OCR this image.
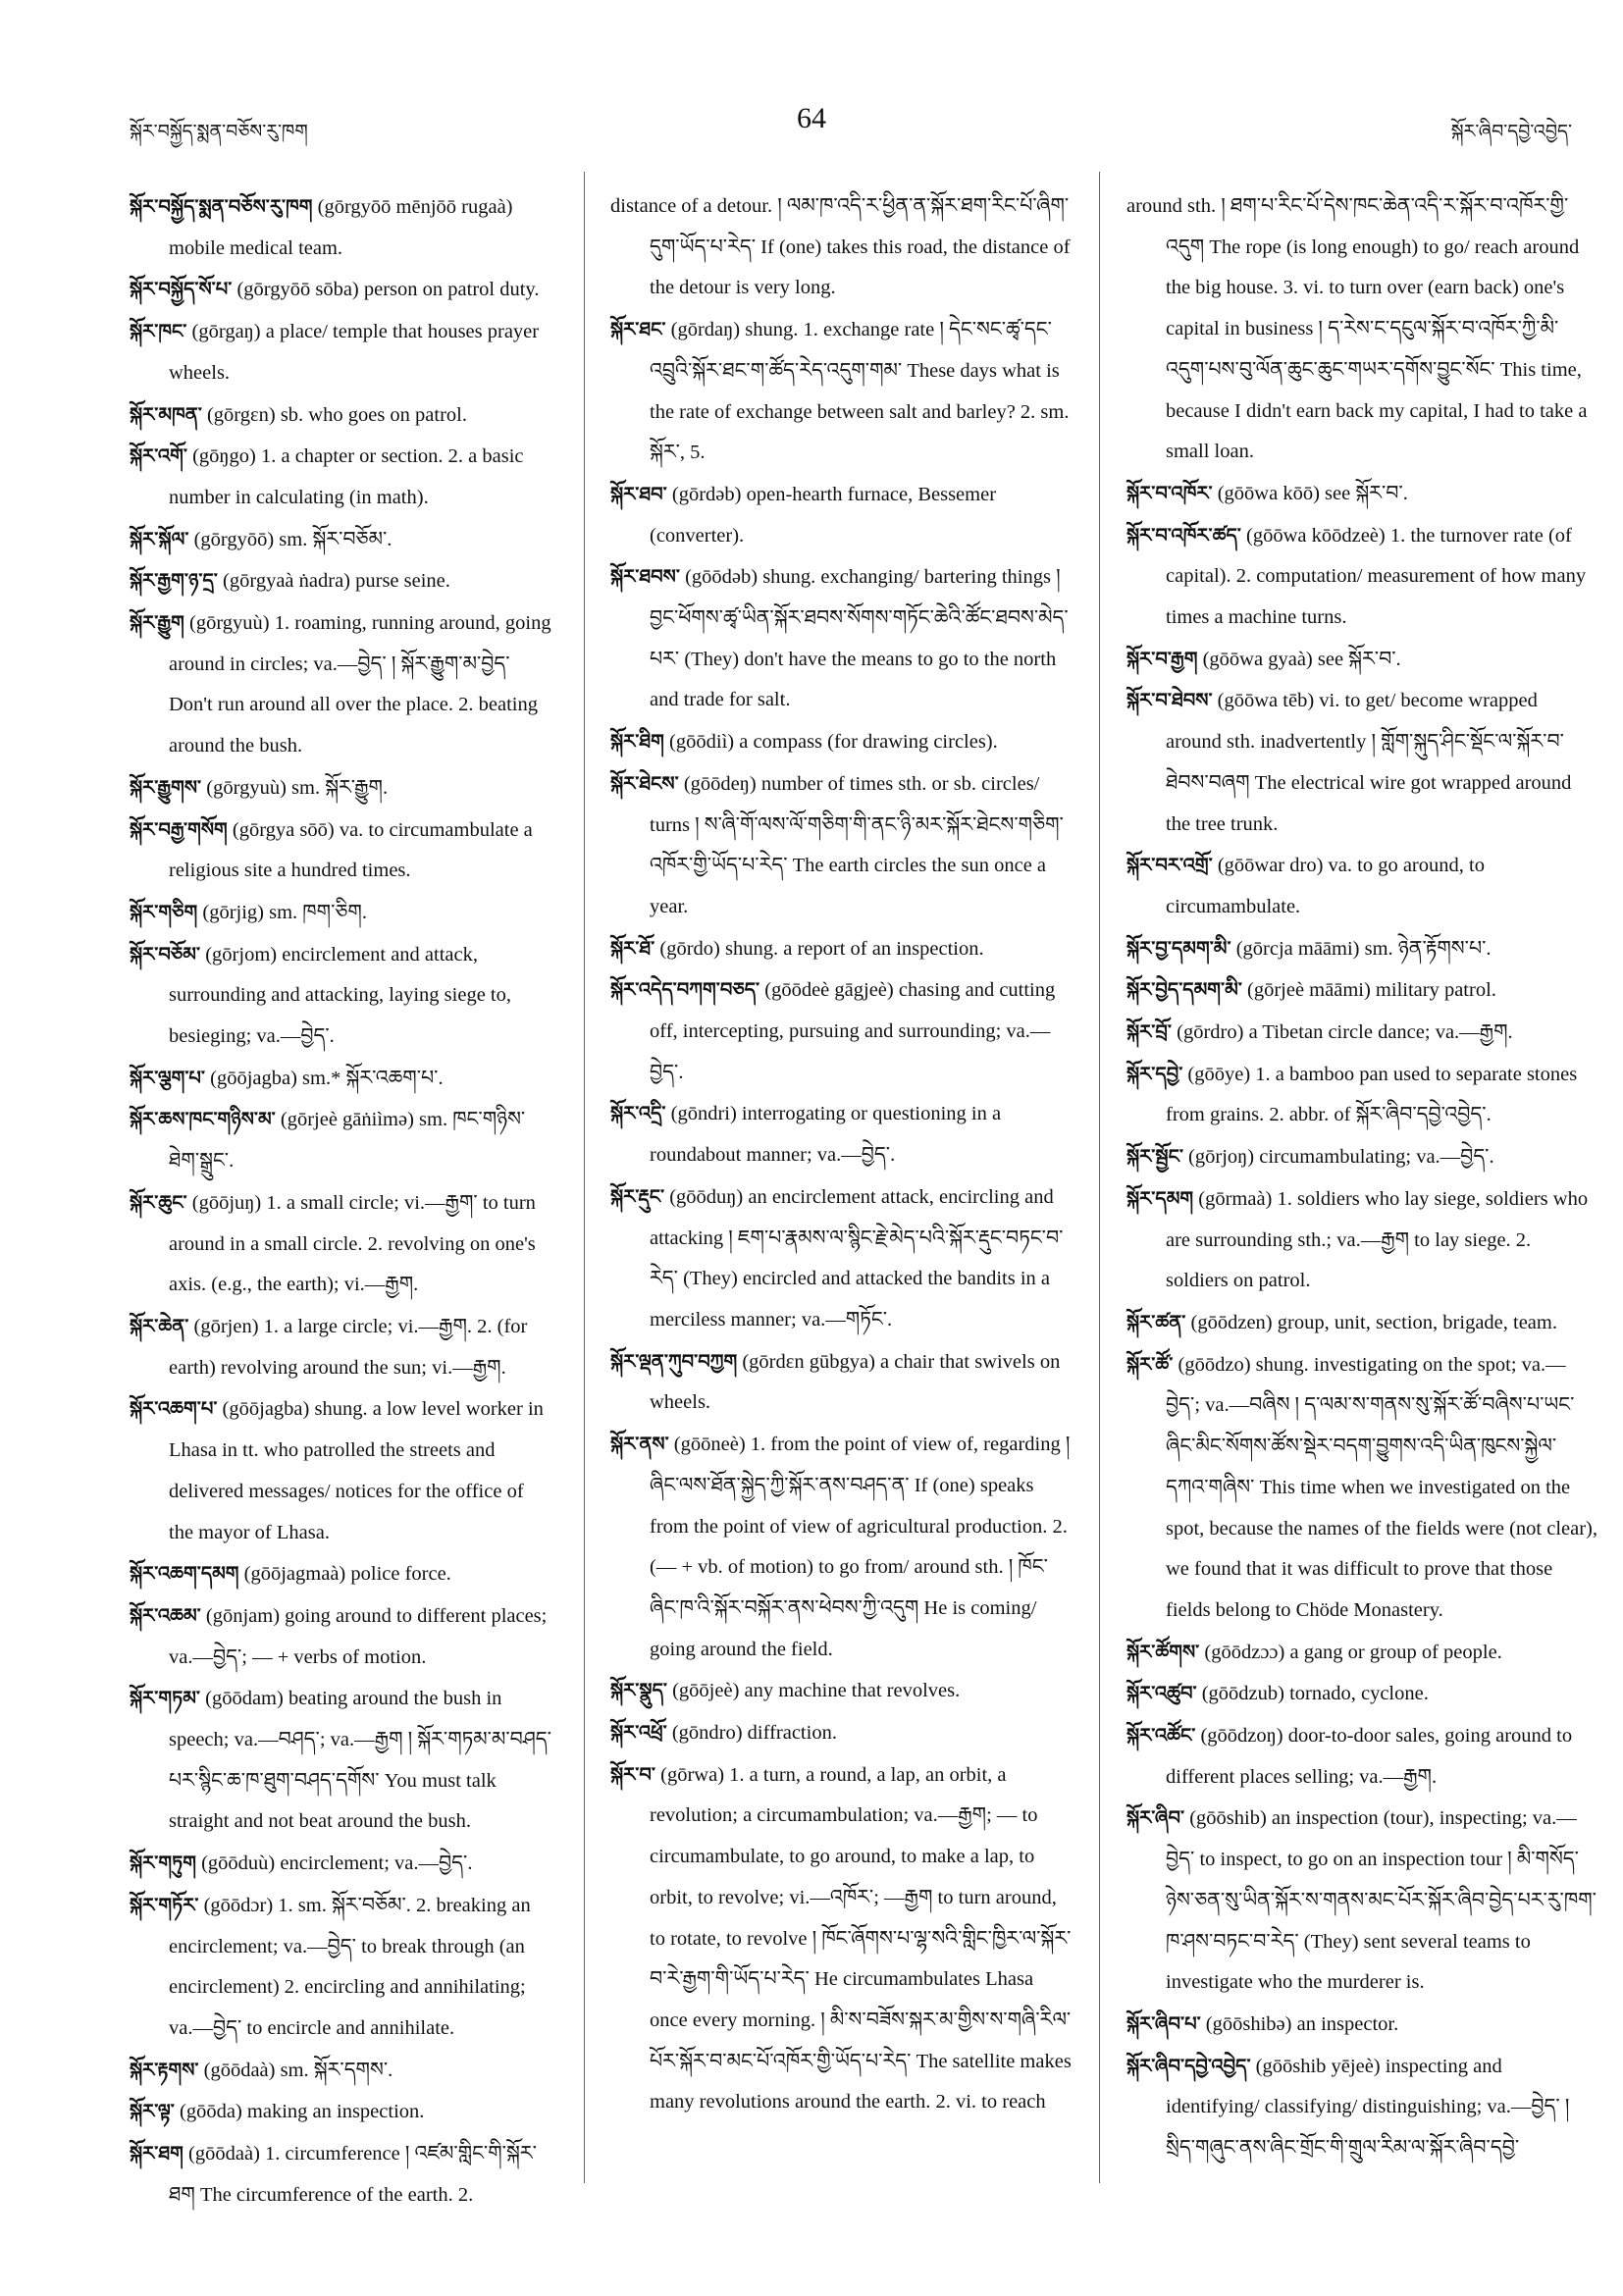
སྐོར་བསྐྱོད་སྨན་བཅོས་རུ་ཁག	64	སྐོར་ཞིབ་དབྱེ་འབྱེད་

སྐོར་བསྐྱོད་སྨན་བཅོས་རུ་ཁག (gōrgyōō mēnjōō rugaà) mobile medical team.

སྐོར་བསྐྱོད་སོ་པ་ (gōrgyōō sōba) person on patrol duty.

སྐོར་ཁང་ (gōrgaŋ) a place/ temple that houses prayer wheels.

སྐོར་མཁན་ (gōrgɛn) sb. who goes on patrol.

སྐོར་འགོ་ (gōŋgo) 1. a chapter or section. 2. a basic number in calculating (in math).

སྐོར་སྐོལ་ (gōrgyōō) sm. སྐོར་བཅོམ་.

སྐོར་རྒྱག་ཉ་དྲ་ (gōrgyaà ṅadra) purse seine.

སྐོར་རྒྱུག (gōrgyuù) 1. roaming, running around, going around in circles; va.—བྱེད་ ། སྐོར་རྒྱུག་མ་བྱེད་ Don't run around all over the place. 2. beating around the bush.

སྐོར་རྒྱུགས་ (gōrgyuù) sm. སྐོར་རྒྱུག.

སྐོར་བརྒྱ་གསོག (gōrgya sōō) va. to circumambulate a religious site a hundred times.

སྐོར་གཅིག (gōrjig) sm. ཁག་ཅིག.

སྐོར་བཅོམ་ (gōrjom) encirclement and attack, surrounding and attacking, laying siege to, besieging; va.—བྱེད་.

སྐོར་ལྕག་པ་ (gōōjagba) sm.* སྐོར་འཆག་པ་.

སྐོར་ཆས་ཁང་གཉིས་མ་ (gōrjeè gāṅiìmə) sm. ཁང་གཉིས་ཐེག་སྒྲུང་.

སྐོར་ཆུང་ (gōōjuŋ) 1. a small circle; vi.—རྒྱག་ to turn around in a small circle. 2. revolving on one's axis. (e.g., the earth); vi.—རྒྱག.

སྐོར་ཆེན་ (gōrjen) 1. a large circle; vi.—རྒྱག. 2. (for earth) revolving around the sun; vi.—རྒྱག.

སྐོར་འཆག་པ་ (gōōjagba) shung. a low level worker in Lhasa in tt. who patrolled the streets and delivered messages/ notices for the office of the mayor of Lhasa.

སྐོར་འཆག་དམག (gōōjagmaà) police force.

སྐོར་འཆམ་ (gōnjam) going around to different places; va.—བྱེད་; — + verbs of motion.

སྐོར་གཏམ་ (gōōdam) beating around the bush in speech; va.—བཤད་; va.—རྒྱག ། སྐོར་གཏམ་མ་བཤད་པར་སྙིང་ཆ་ཁ་ཐུག་བཤད་དགོས་ You must talk straight and not beat around the bush.

སྐོར་གཏུག (gōōduù) encirclement; va.—བྱེད་.

སྐོར་གཏོར་ (gōōdɔr) 1. sm. སྐོར་བཅོམ་. 2. breaking an encirclement; va.—བྱེད་ to break through (an encirclement) 2. encircling and annihilating; va.—བྱེད་ to encircle and annihilate.

སྐོར་རྟགས་ (gōōdaà) sm. སྐོར་དགས་.

སྐོར་ལྟ་ (gōōda) making an inspection.

སྐོར་ཐག (gōōdaà) 1. circumference ། འཛམ་གླིང་གི་སྐོར་ཐག The circumference of the earth. 2.

distance of a detour. ། ལམ་ཁ་འདི་ར་ཕྱིན་ན་སྐོར་ཐག་རིང་པོ་ཞིག་དུག་ཡོད་པ་རེད་ If (one) takes this road, the distance of the detour is very long.

སྐོར་ཐང་ (gōrdaŋ) shung. 1. exchange rate ། དེང་སང་ཚྭ་དང་འབྲུའི་སྐོར་ཐང་ག་ཚོད་རེད་འདུག་གམ་ These days what is the rate of exchange between salt and barley? 2. sm. སྐོར་, 5.

སྐོར་ཐབ་ (gōrdəb) open-hearth furnace, Bessemer (converter).

སྐོར་ཐབས་ (gōōdəb) shung. exchanging/ bartering things ། བྱང་ཕོགས་ཚྭ་ཡིན་སྐོར་ཐབས་སོགས་གཏོང་ཆེའི་ཚོང་ཐབས་མེད་པར་ (They) don't have the means to go to the north and trade for salt.

སྐོར་ཐིག (gōōdiì) a compass (for drawing circles).

སྐོར་ཐེངས་ (gōōdeŋ) number of times sth. or sb. circles/ turns ། ས་ཞི་གོ་ལས་ལོ་གཅིག་གི་ནང་ཉི་མར་སྐོར་ཐེངས་གཅིག་འཁོར་གྱི་ཡོད་པ་རེད་ The earth circles the sun once a year.

སྐོར་ཐོ་ (gōrdo) shung. a report of an inspection.

སྐོར་འདེད་བཀག་བཅད་ (gōōdeè gāgjeè) chasing and cutting off, intercepting, pursuing and surrounding; va.—བྱེད་.

སྐོར་འདྲི་ (gōndri) interrogating or questioning in a roundabout manner; va.—བྱེད་.

སྐོར་རྡུང་ (gōōduŋ) an encirclement attack, encircling and attacking ། ཇག་པ་རྣམས་ལ་སྙིང་རྗེ་མེད་པའི་སྐོར་རྡུང་བཏང་བ་རེད་ (They) encircled and attacked the bandits in a merciless manner; va.—གཏོང་.

སྐོར་ལྡན་ཀུབ་བཀྱག (gōrdɛn gūbgya) a chair that swivels on wheels.

སྐོར་ནས་ (gōōneè) 1. from the point of view of, regarding ། ཞིང་ལས་ཐོན་སྐྱེད་ཀྱི་སྐོར་ནས་བཤད་ན་ If (one) speaks from the point of view of agricultural production. 2. (— + vb. of motion) to go from/ around sth. ། ཁོང་ཞིང་ཁ་འི་སྐོར་བསྐོར་ནས་ཕེབས་ཀྱི་འདུག He is coming/ going around the field.

སྐོར་སྣུད་ (gōōjeè) any machine that revolves.

སྐོར་འཕྲོ་ (gōndro) diffraction.

སྐོར་བ་ (gōrwa) 1. a turn, a round, a lap, an orbit, a revolution; a circumambulation; va.—རྒྱག; — to circumambulate, to go around, to make a lap, to orbit, to revolve; vi.—འཁོར་; —རྒྱག to turn around, to rotate, to revolve ། ཁོང་ཞོགས་པ་ལྷ་སའི་གླིང་ཁྱིར་ལ་སྐོར་བ་རེ་རྒྱག་གི་ཡོད་པ་རེད་ He circumambulates Lhasa once every morning. ། མི་ས་བཟོས་སྐར་མ་གྱིས་ས་གཞི་རིལ་པོར་སྐོར་བ་མང་པོ་འཁོར་གྱི་ཡོད་པ་རེད་ The satellite makes many revolutions around the earth. 2. vi. to reach

around sth. ། ཐག་པ་རིང་པོ་དེས་ཁང་ཆེན་འདི་ར་སྐོར་བ་འཁོར་གྱི་འདུག The rope (is long enough) to go/ reach around the big house. 3. vi. to turn over (earn back) one's capital in business ། ད་རེས་ང་དངུལ་སྐོར་བ་འཁོར་ཀྱི་མི་འདུག་པས་བུ་ལོན་ཆུང་ཆུང་གཡར་དགོས་བྱུང་སོང་ This time, because I didn't earn back my capital, I had to take a small loan.

སྐོར་བ་འཁོར་ (gōōwa kōō) see སྐོར་བ་.

སྐོར་བ་འཁོར་ཚད་ (gōōwa kōōdzeè) 1. the turnover rate (of capital). 2. computation/ measurement of how many times a machine turns.

སྐོར་བ་རྒྱག (gōōwa gyaà) see སྐོར་བ་.

སྐོར་བ་ཐེབས་ (gōōwa tēb) vi. to get/ become wrapped around sth. inadvertently ། གློག་སྐུད་ཤིང་སྡོང་ལ་སྐོར་བ་ཐེབས་བཞག The electrical wire got wrapped around the tree trunk.

སྐོར་བར་འགྲོ་ (gōōwar dro) va. to go around, to circumambulate.

སྐོར་བྱ་དམག་མི་ (gōrcja māāmi) sm. ཉེན་རྟོགས་པ་.

སྐོར་བྱེད་དམག་མི་ (gōrjeè māāmi) military patrol.

སྐོར་བྲོ་ (gōrdro) a Tibetan circle dance; va.—རྒྱག.

སྐོར་དབྱེ་ (gōōye) 1. a bamboo pan used to separate stones from grains. 2. abbr. of སྐོར་ཞིབ་དབྱེ་འབྱེད་.

སྐོར་སྦྱོང་ (gōrjoŋ) circumambulating; va.—བྱེད་.

སྐོར་དམག (gōrmaà) 1. soldiers who lay siege, soldiers who are surrounding sth.; va.—རྒྱག to lay siege. 2. soldiers on patrol.

སྐོར་ཚན་ (gōōdzen) group, unit, section, brigade, team.

སྐོར་ཚོ་ (gōōdzo) shung. investigating on the spot; va.—བྱེད་; va.—བཞིས ། ད་ལམ་ས་གནས་སུ་སྐོར་ཚོ་བཞིས་པ་ཡང་ཞིང་མིང་སོགས་ཚོས་སྡེར་བདག་བྱུགས་འདི་ཡིན་ཁུངས་སྐྱེལ་དཀའ་གཞིས་ This time when we investigated on the spot, because the names of the fields were (not clear), we found that it was difficult to prove that those fields belong to Chöde Monastery.

སྐོར་ཚོགས་ (gōōdzɔɔ) a gang or group of people.

སྐོར་འཚུབ་ (gōōdzub) tornado, cyclone.

སྐོར་འཚོང་ (gōōdzoŋ) door-to-door sales, going around to different places selling; va.—རྒྱག.

སྐོར་ཞིབ་ (gōōshib) an inspection (tour), inspecting; va.—བྱེད་ to inspect, to go on an inspection tour ། མི་གསོད་ཉེས་ཅན་སུ་ཡིན་སྐོར་ས་གནས་མང་པོར་སྐོར་ཞིབ་བྱེད་པར་རུ་ཁག་ཁ་ཤས་བཏང་བ་རེད་ (They) sent several teams to investigate who the murderer is.

སྐོར་ཞིབ་པ་ (gōōshibə) an inspector.

སྐོར་ཞིབ་དབྱེ་འབྱེད་ (gōōshib yējeè) inspecting and identifying/ classifying/ distinguishing; va.—བྱེད་ ། སྲིད་གཞུང་ནས་ཞིང་གྲོང་གི་གྲུལ་རིམ་ལ་སྐོར་ཞིབ་དབྱེ་
